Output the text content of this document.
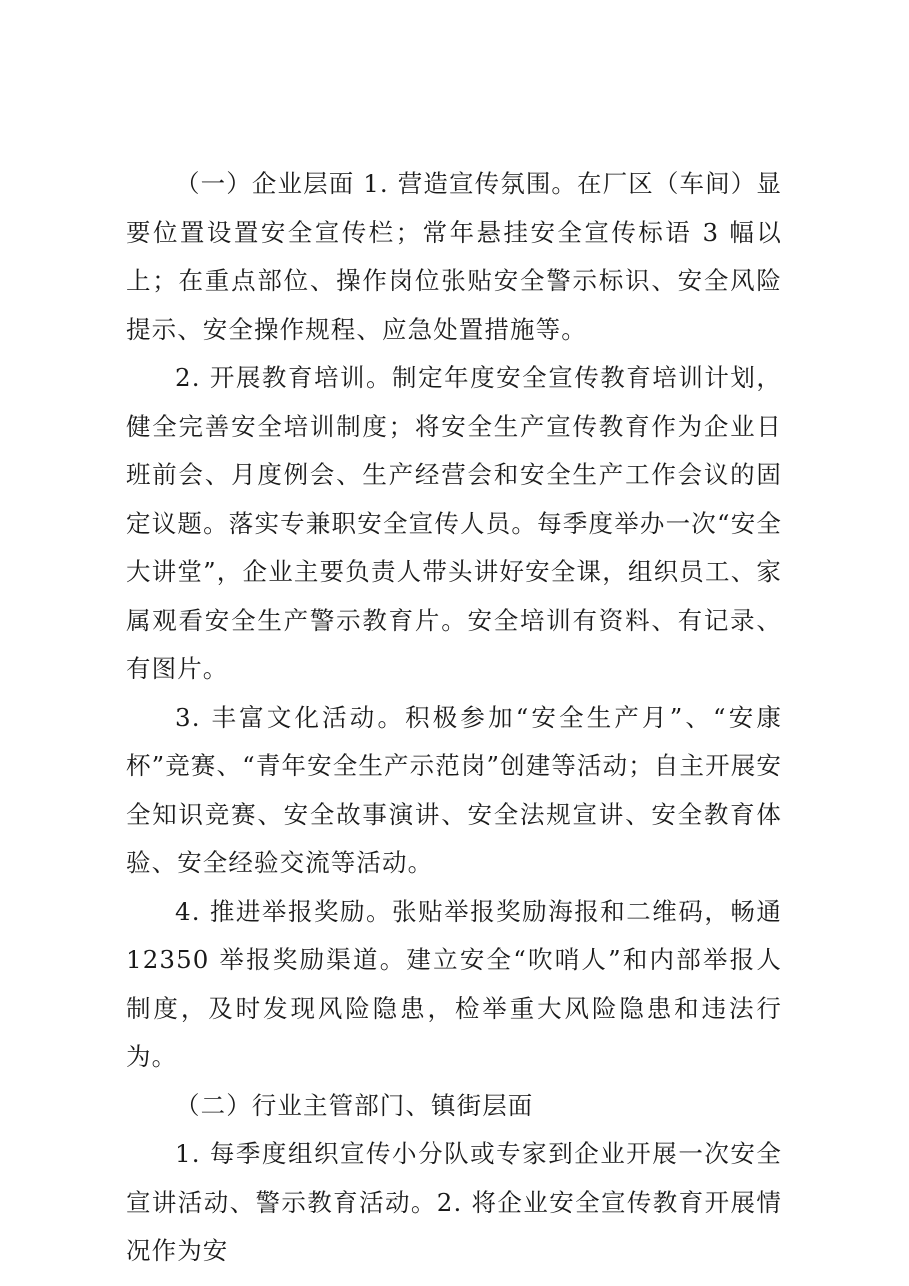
（一）企业层面 1. 营造宣传氛围。在厂区（车间）显要位置设置安全宣传栏；常年悬挂安全宣传标语 3 幅以上；在重点部位、操作岗位张贴安全警示标识、安全风险提示、安全操作规程、应急处置措施等。

2. 开展教育培训。制定年度安全宣传教育培训计划，健全完善安全培训制度；将安全生产宣传教育作为企业日班前会、月度例会、生产经营会和安全生产工作会议的固定议题。落实专兼职安全宣传人员。每季度举办一次“安全大讲堂”，企业主要负责人带头讲好安全课，组织员工、家属观看安全生产警示教育片。安全培训有资料、有记录、有图片。

3. 丰富文化活动。积极参加“安全生产月”、“安康杯”竞赛、“青年安全生产示范岗”创建等活动；自主开展安全知识竞赛、安全故事演讲、安全法规宣讲、安全教育体验、安全经验交流等活动。

4. 推进举报奖励。张贴举报奖励海报和二维码，畅通 12350 举报奖励渠道。建立安全“吹哨人”和内部举报人制度，及时发现风险隐患，检举重大风险隐患和违法行为。

（二）行业主管部门、镇街层面

1. 每季度组织宣传小分队或专家到企业开展一次安全宣讲活动、警示教育活动。2. 将企业安全宣传教育开展情况作为安
